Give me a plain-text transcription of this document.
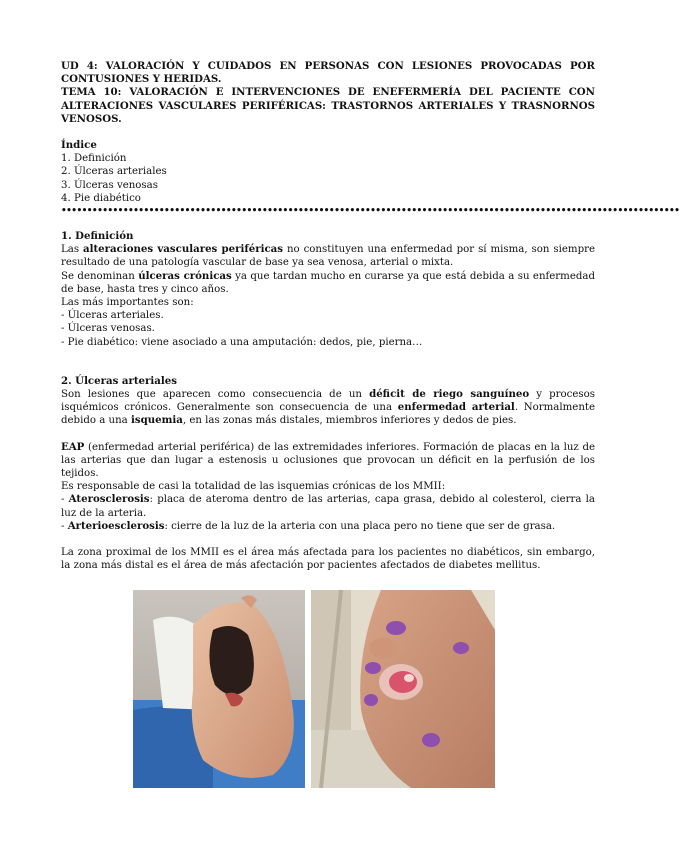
UD 4: VALORACIÓN Y CUIDADOS EN PERSONAS CON LESIONES PROVOCADAS POR CONTUSIONES Y HERIDAS.

TEMA 10: VALORACIÓN E INTERVENCIONES DE ENEFERMERÍA DEL PACIENTE CON ALTERACIONES VASCULARES PERIFÉRICAS: TRASTORNOS ARTERIALES Y TRASNORNOS VENOSOS.

Índice
1. Definición
2. Úlceras arteriales
3. Úlceras venosas
4. Pie diabético
••••••••••••••••••••••••••••••••••••••••••••••••••••••••••••••••••••••••••••••••••••••••••••••••••••••••••••••••••••••••
1. Definición

Las alteraciones vasculares periféricas no constituyen una enfermedad por sí misma, son siempre resultado de una patología vascular de base ya sea venosa, arterial o mixta.

Se denominan úlceras crónicas ya que tardan mucho en curarse ya que está debida a su enfermedad de base, hasta tres y cinco años.

Las más importantes son:

- Úlceras arteriales.
- Úlceras venosas.
- Pie diabético: viene asociado a una amputación: dedos, pie, pierna…
2. Úlceras arteriales

Son lesiones que aparecen como consecuencia de un déficit de riego sanguíneo y procesos isquémicos crónicos. Generalmente son consecuencia de una enfermedad arterial. Normalmente debido a una isquemia, en las zonas más distales, miembros inferiores y dedos de pies.

EAP (enfermedad arterial periférica) de las extremidades inferiores. Formación de placas en la luz de las arterias que dan lugar a estenosis u oclusiones que provocan un déficit en la perfusión de los tejidos.

Es responsable de casi la totalidad de las isquemias crónicas de los MMII:

- Aterosclerosis: placa de ateroma dentro de las arterias, capa grasa, debido al colesterol, cierra la luz de la arteria.

- Arterioesclerosis: cierre de la luz de la arteria con una placa pero no tiene que ser de grasa.

La zona proximal de los MMII es el área más afectada para los pacientes no diabéticos, sin embargo, la zona más distal es el área de más afectación por pacientes afectados de diabetes mellitus.
